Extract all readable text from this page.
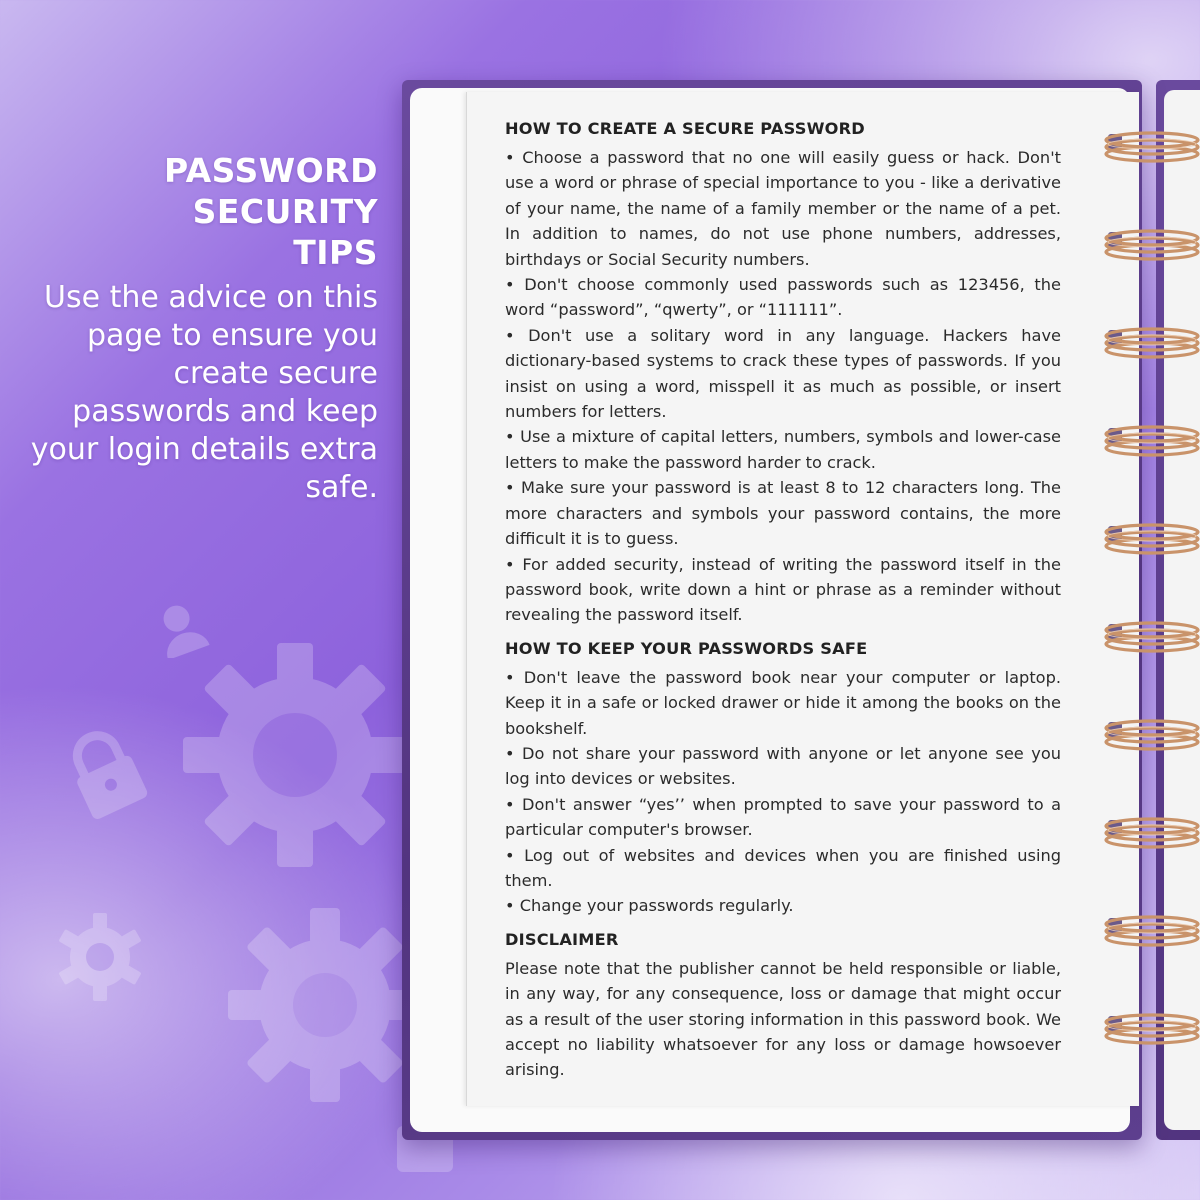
PASSWORD
SECURITY
TIPS
Use the advice on this page to ensure you create secure passwords and keep your login details extra safe.
HOW TO CREATE A SECURE PASSWORD

• Choose a password that no one will easily guess or hack. Don't use a word or phrase of special importance to you - like a derivative of your name, the name of a family member or the name of a pet. In addition to names, do not use phone numbers, addresses, birthdays or Social Security numbers.

• Don't choose commonly used passwords such as 123456, the word “password”, “qwerty”, or “111111”.

• Don't use a solitary word in any language. Hackers have dictionary-based systems to crack these types of passwords. If you insist on using a word, misspell it as much as possible, or insert numbers for letters.

• Use a mixture of capital letters, numbers, symbols and lower-case letters to make the password harder to crack.

• Make sure your password is at least 8 to 12 characters long. The more characters and symbols your password contains, the more difficult it is to guess.

• For added security, instead of writing the password itself in the password book, write down a hint or phrase as a reminder without revealing the password itself.

HOW TO KEEP YOUR PASSWORDS SAFE

• Don't leave the password book near your computer or laptop. Keep it in a safe or locked drawer or hide it among the books on the bookshelf.

• Do not share your password with anyone or let anyone see you log into devices or websites.

• Don't answer “yes’’ when prompted to save your password to a particular computer's browser.

• Log out of websites and devices when you are finished using them.

• Change your passwords regularly.

DISCLAIMER

Please note that the publisher cannot be held responsible or liable, in any way, for any consequence, loss or damage that might occur as a result of the user storing information in this password book. We accept no liability whatsoever for any loss or damage howsoever arising.
